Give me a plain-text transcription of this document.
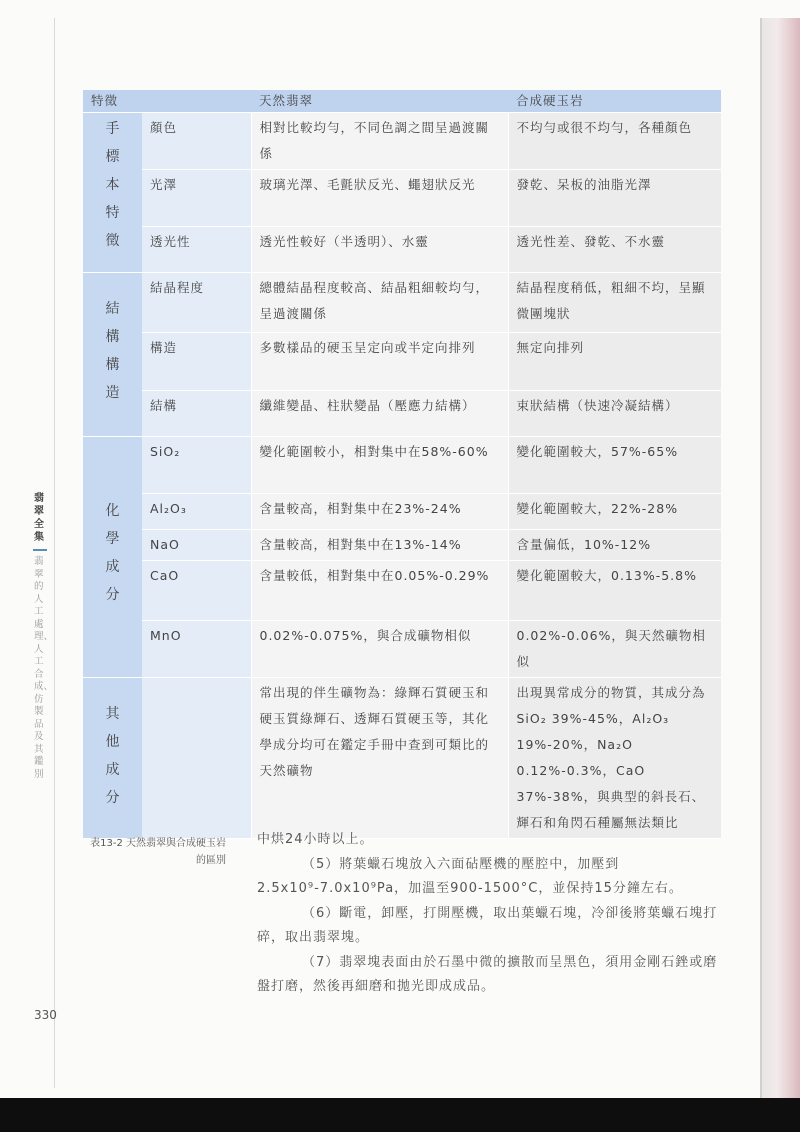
特徵		天然翡翠	合成硬玉岩
手標本特徵	顏色	相對比較均勻，不同色調之間呈過渡關係	不均勻或很不均勻，各種顏色
	光澤	玻璃光澤、毛氈狀反光、蠅翅狀反光	發乾、呆板的油脂光澤
	透光性	透光性較好（半透明）、水靈	透光性差、發乾、不水靈
結構構造	結晶程度	總體結晶程度較高、結晶粗細較均勻，呈過渡關係	結晶程度稍低，粗細不均，呈顯微團塊狀
	構造	多數樣品的硬玉呈定向或半定向排列	無定向排列
	結構	纖維變晶、柱狀變晶（壓應力結構）	束狀結構（快速冷凝結構）
化學成分	SiO₂	變化範圍較小，相對集中在58%-60%	變化範圍較大，57%-65%
	Al₂O₃	含量較高，相對集中在23%-24%	變化範圍較大，22%-28%
	NaO	含量較高，相對集中在13%-14%	含量偏低，10%-12%
	CaO	含量較低，相對集中在0.05%-0.29%	變化範圍較大，0.13%-5.8%
	MnO	0.02%-0.075%，與合成礦物相似	0.02%-0.06%，與天然礦物相似
其他成分		常出現的伴生礦物為：綠輝石質硬玉和硬玉質綠輝石、透輝石質硬玉等，其化學成分均可在鑑定手冊中查到可類比的天然礦物	出現異常成分的物質，其成分為SiO₂ 39%-45%，Al₂O₃ 19%-20%，Na₂O 0.12%-0.3%，CaO 37%-38%，與典型的斜長石、輝石和角閃石種屬無法類比
翡翠全集
翡翠的人工處理、人工合成、仿製品及其鑑別
表13-2 天然翡翠與合成硬玉岩的區別

中烘24小時以上。

（5）將葉蠟石塊放入六面砧壓機的壓腔中，加壓到2.5x10⁹-7.0x10⁹Pa，加溫至900-1500°C，並保持15分鐘左右。

（6）斷電，卸壓，打開壓機，取出葉蠟石塊，冷卻後將葉蠟石塊打碎，取出翡翠塊。

（7）翡翠塊表面由於石墨中微的擴散而呈黑色，須用金剛石銼或磨盤打磨，然後再細磨和拋光即成成品。

330
